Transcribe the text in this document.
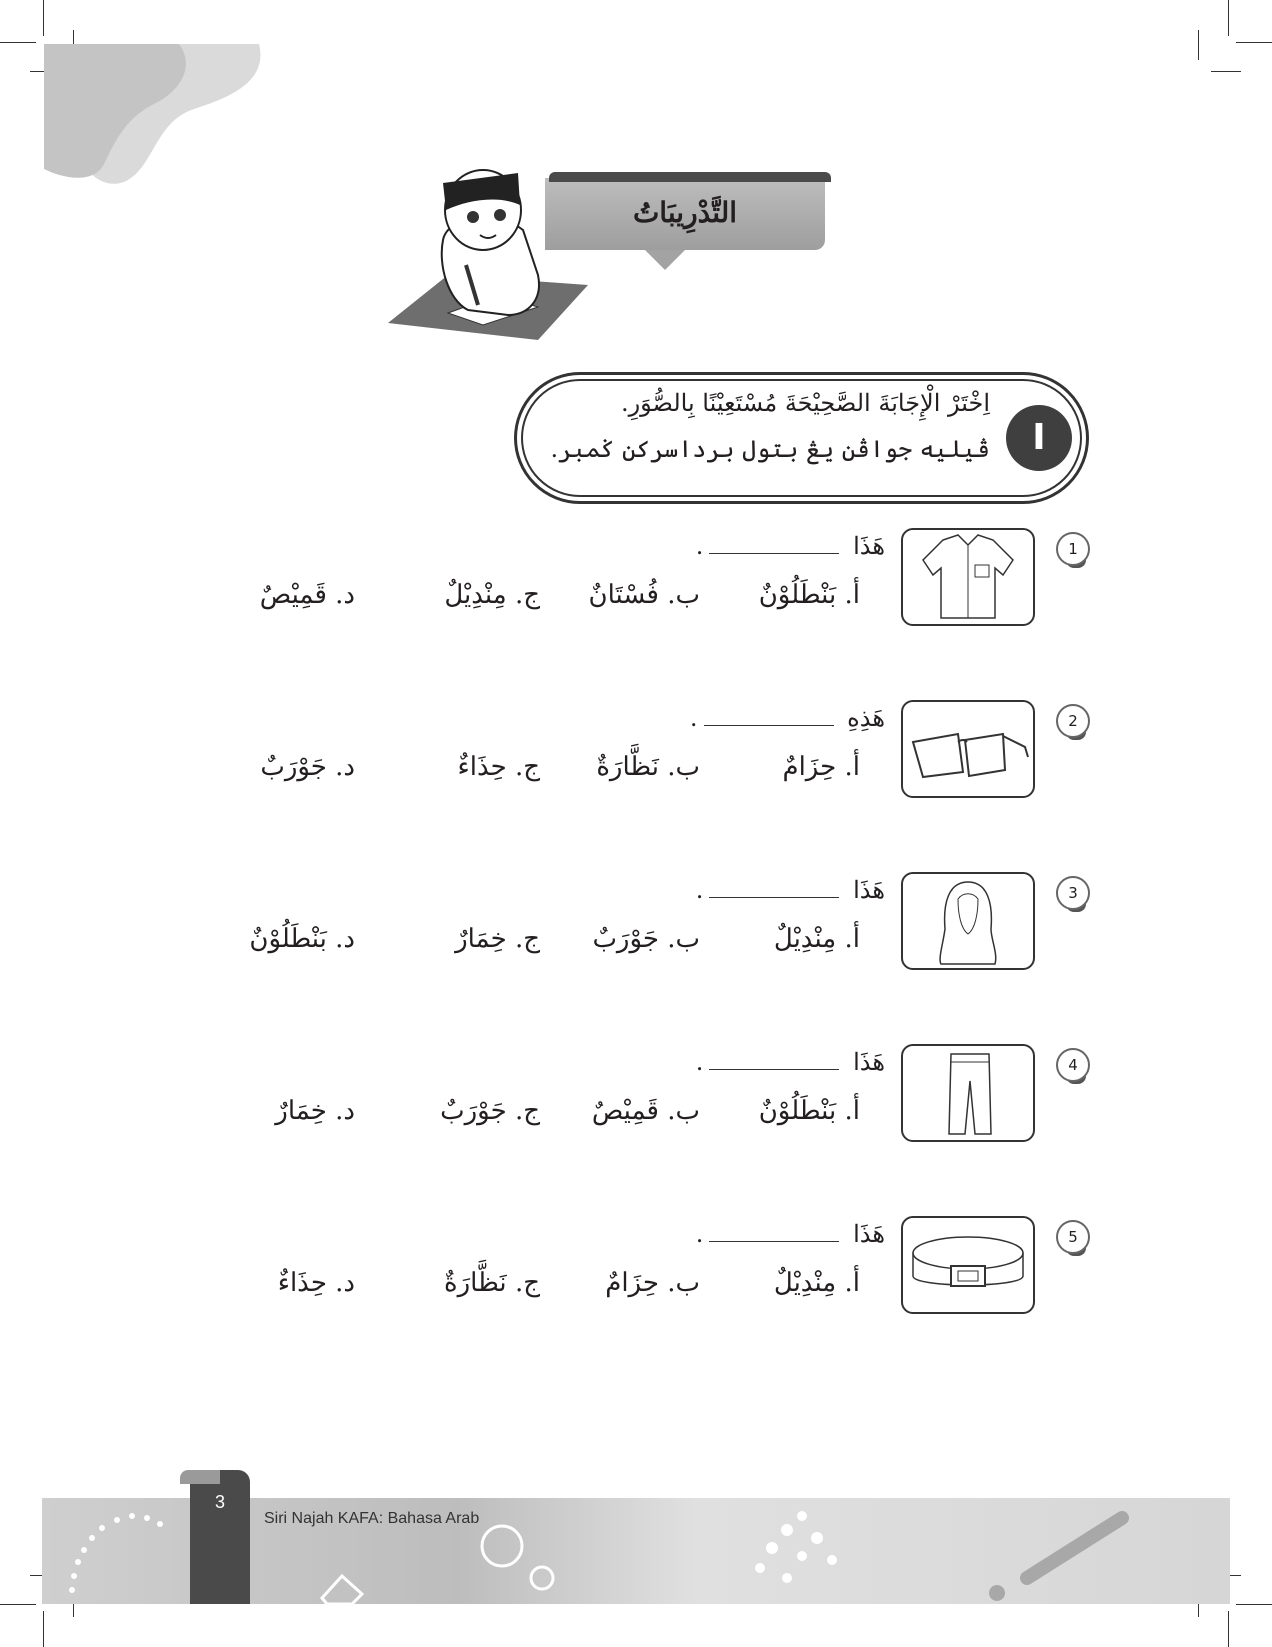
التَّدْرِيبَاتُ
I
اِخْتَرْ الْإِجَابَةَ الصَّحِيْحَةَ مُسْتَعِيْنًا بِالصُّوَرِ.
ڤيليه جواڤن يڠ بتول برداسرکن ݢمبر.
1
هَذَا .
أ. بَنْطَلُوْنٌ
ب. فُسْتَانٌ
ج. مِنْدِيْلٌ
د. قَمِيْصٌ
2
هَذِهِ .
أ. حِزَامٌ
ب. نَظَّارَةٌ
ج. حِذَاءٌ
د. جَوْرَبٌ
3
هَذَا .
أ. مِنْدِيْلٌ
ب. جَوْرَبٌ
ج. خِمَارٌ
د. بَنْطَلُوْنٌ
4
هَذَا .
أ. بَنْطَلُوْنٌ
ب. قَمِيْصٌ
ج. جَوْرَبٌ
د. خِمَارٌ
5
هَذَا .
أ. مِنْدِيْلٌ
ب. حِزَامٌ
ج. نَظَّارَةٌ
د. حِذَاءٌ
3
Siri Najah KAFA: Bahasa Arab
